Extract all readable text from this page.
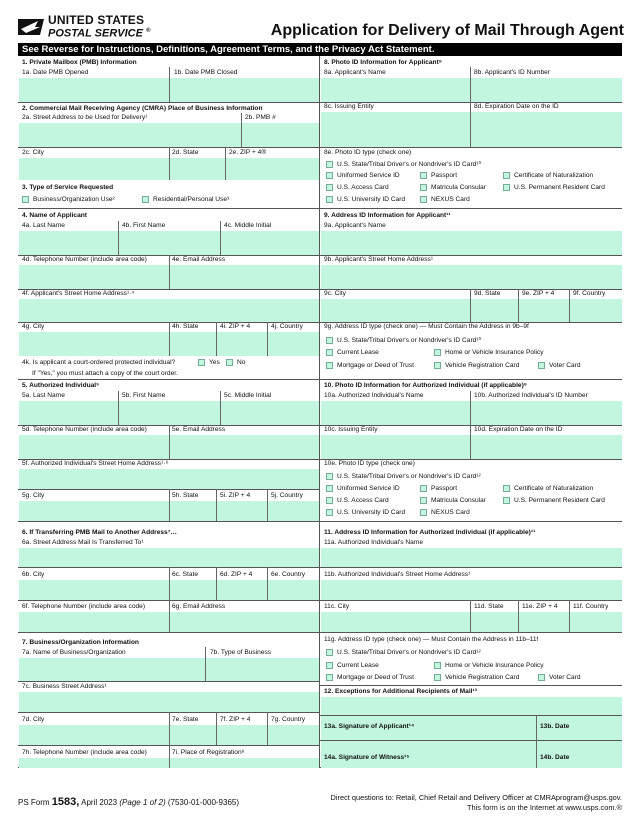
UNITED STATES
POSTAL SERVICE ®	Application for Delivery of Mail Through Agent
See Reverse for Instructions, Definitions, Agreement Terms, and the Privacy Act Statement.
1. Private Mailbox (PMB) Information
1a. Date PMB Opened	1b. Date PMB Closed
2. Commercial Mail Receiving Agency (CMRA) Place of Business Information
2a. Street Address to be Used for Delivery¹	2b. PMB #
2c. City	2d. State	2e. ZIP + 4®
3. Type of Service Requested
Business/Organization Use²	Residential/Personal Use³
4. Name of Applicant
4a. Last Name	4b. First Name	4c. Middle Initial
4d. Telephone Number (include area code)	4e. Email Address
4f. Applicant's Street Home Address¹·⁴
4g. City	4h. State	4i. ZIP + 4	4j. Country
4k. Is applicant a court-ordered protected individual?	Yes	No
If "Yes," you must attach a copy of the court order.
5. Authorized Individual⁵
5a. Last Name	5b. First Name	5c. Middle Initial
5d. Telephone Number (include area code)	5e. Email Address
5f. Authorized Individual's Street Home Address¹·⁶
5g. City	5h. State	5i. ZIP + 4	5j. Country
6. If Transferring PMB Mail to Another Address⁷…
6a. Street Address Mail Is Transferred To¹
6b. City	6c. State	6d. ZIP + 4	6e. Country
6f. Telephone Number (include area code)	6g. Email Address
7. Business/Organization Information
7a. Name of Business/Organization	7b. Type of Business
7c. Business Street Address¹
7d. City	7e. State	7f. ZIP + 4	7g. Country
7h. Telephone Number (include area code)	7i. Place of Registration⁸
8. Photo ID Information for Applicant⁹
8a. Applicant's Name	8b. Applicant's ID Number
8c. Issuing Entity	8d. Expiration Date on the ID
8e. Photo ID type (check one)
U.S. State/Tribal Driver's or Nondriver's ID Card¹⁰
Uniformed Service ID	Passport	Certificate of Naturalization
U.S. Access Card	Matricula Consular	U.S. Permanent Resident Card
U.S. University ID Card	NEXUS Card
9. Address ID Information for Applicant¹¹
9a. Applicant's Name
9b. Applicant's Street Home Address¹
9c. City	9d. State	9e. ZIP + 4	9f. Country
9g. Address ID type (check one) — Must Contain the Address in 9b–9f
U.S. State/Tribal Driver's or Nondriver's ID Card¹⁰
Current Lease	Home or Vehicle Insurance Policy
Mortgage or Deed of Trust	Vehicle Registration Card	Voter Card
10. Photo ID Information for Authorized Individual (if applicable)⁹
10a. Authorized Individual's Name	10b. Authorized Individual's ID Number
10c. Issuing Entity	10d. Expiration Date on the ID
10e. Photo ID type (check one)
U.S. State/Tribal Driver's or Nondriver's ID Card¹²
Uniformed Service ID	Passport	Certificate of Naturalization
U.S. Access Card	Matricula Consular	U.S. Permanent Resident Card
U.S. University ID Card	NEXUS Card
11. Address ID Information for Authorized Individual (if applicable)¹¹
11a. Authorized Individual's Name
11b. Authorized Individual's Street Home Address¹
11c. City	11d. State	11e. ZIP + 4 11f. Country
11g. Address ID type (check one) — Must Contain the Address in 11b–11f
U.S. State/Tribal Driver's or Nondriver's ID Card¹²
Current Lease	Home or Vehicle Insurance Policy
Mortgage or Deed of Trust	Vehicle Registration Card	Voter Card
12. Exceptions for Additional Recipients of Mail¹³
13a. Signature of Applicant¹⁴	13b. Date
14a. Signature of Witness¹⁵	14b. Date
PS Form 1583, April 2023 (Page 1 of 2) (7530-01-000-9365)
Direct questions to: Retail, Chief Retail and Delivery Officer at CMRAprogram@usps.gov.
This form is on the Internet at www.usps.com.®
